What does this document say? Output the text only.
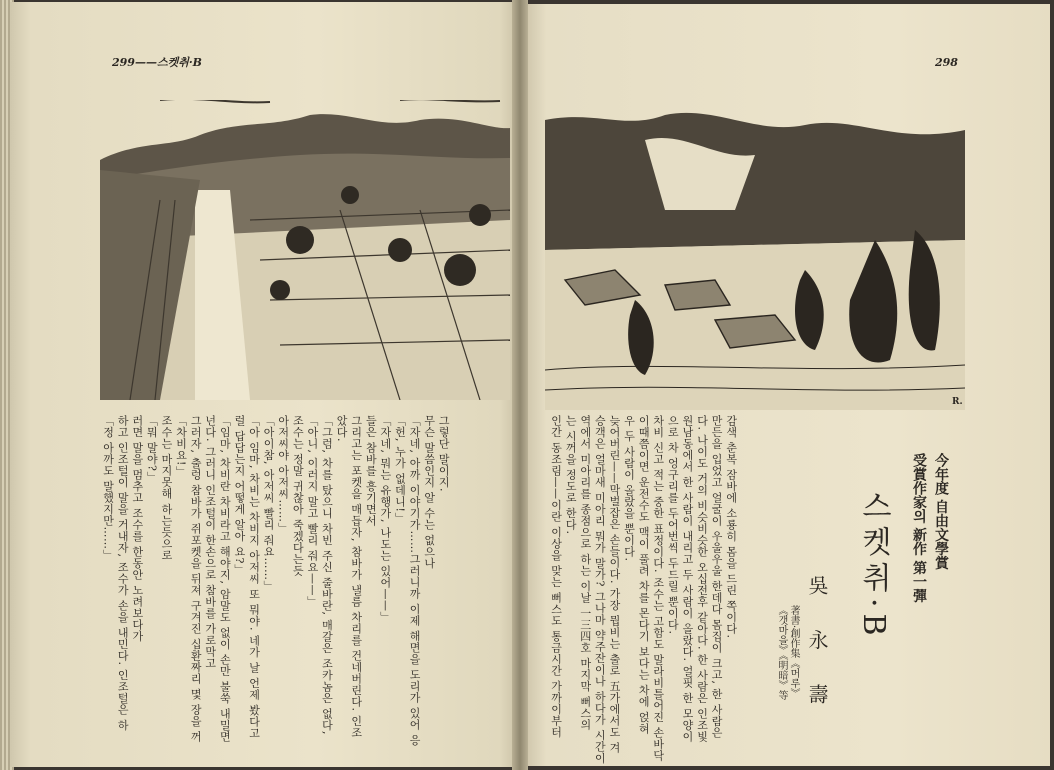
299——스켓취·B	298
R.
그렇단 말이지.
무슨 말씀인지 알 수는 없으나
「자네, 아까 이야기가……그러니까 이제 해면을 도리가 있어 응
「헌, 누가 없데니!」
「자네, 뭐는 유행가, 나도는 있어——」
들은 참바를 흥기면서
그리고는 포켓을 매듭자, 참바가 낼름 차리를 건네버린다. 인조
았다.
「그럼, 차를 탔으니 차빈 주신 줄바란, 매갈은 조카놈은 없다,
「아니, 이러지 말고 빨리 줘요——」
조수는 정말 귀찮아 죽겠다는듯
아저씨야 아저씨……」
「아이참, 아저씨 빨리 줘요……」
「아 임마, 차비는 차비지 아저씨 또 뭐야. 네가 날 언제 봤다고
럴 답답는지 어떻게 알아 요?」
「임마, 차비란 차비라고 해야지, 암말도 없이 손만 불쑥 내밀면
넌다. 그러니 인조털이 한손으로 참바를 가로막고
그러자, 출렁 참바가 쥐포켓을 뒤져 구겨진 십환짜리 몇 장을 꺼
「차비요!」
조수는 마지못해 하는듯으로
「뭐 말야?」
러면 말을 멈추고 조수를 한동안 노려보다가
하고 인조털이 말을 거내자, 조수가 손을 내민다. 인조털은 하
「정 아까도 말했지만……」	감색 춘복 잠바에 소룡히 몸을 드린 쪽이다.
만든을 입었고 얼굴이 우울우울 한데다 몸집이 크고, 한 사람은
다. 나이도 거의 비슷비슷한 오십전후 같아다. 한 사람은 인조빛
원남동에서 한 사람이 내리고 두 사람이 올랐다. 얼핏 한 모양이
으로 차 엉구리를 두어번씩 두드릴 뿐이다.
차비 신고 적는 중한 표정이다. 조수는 고함도 말라비틀어진 손바닥
이때쯤이면 운전수도 맥이 풀려 차를 몬다기 보다는 차에 얹혀
우 두 사람이 올랐을 뿐이다.
늦어버린——막벌잡은 손들이다. 가장 뭡비는 출로 五가에서도 겨
승객은 얼마새 미아리 뭐가 말가? 그나마 약주잔이나 하다가 시간이
역에서 미아리를 종점으로 하는 이날 一三四호 마지막 뻐스의
는 시꺼을 정도로 한다.
인간 동조림——이란 이상을 맞는 뻐스도 통금시간 가까이부터	今年度 自由文學賞
受賞作家의 新作 第一彈
스켓취·B
吳 永 壽
著書·創作集《머루》
《갯마을》《明暗》等
